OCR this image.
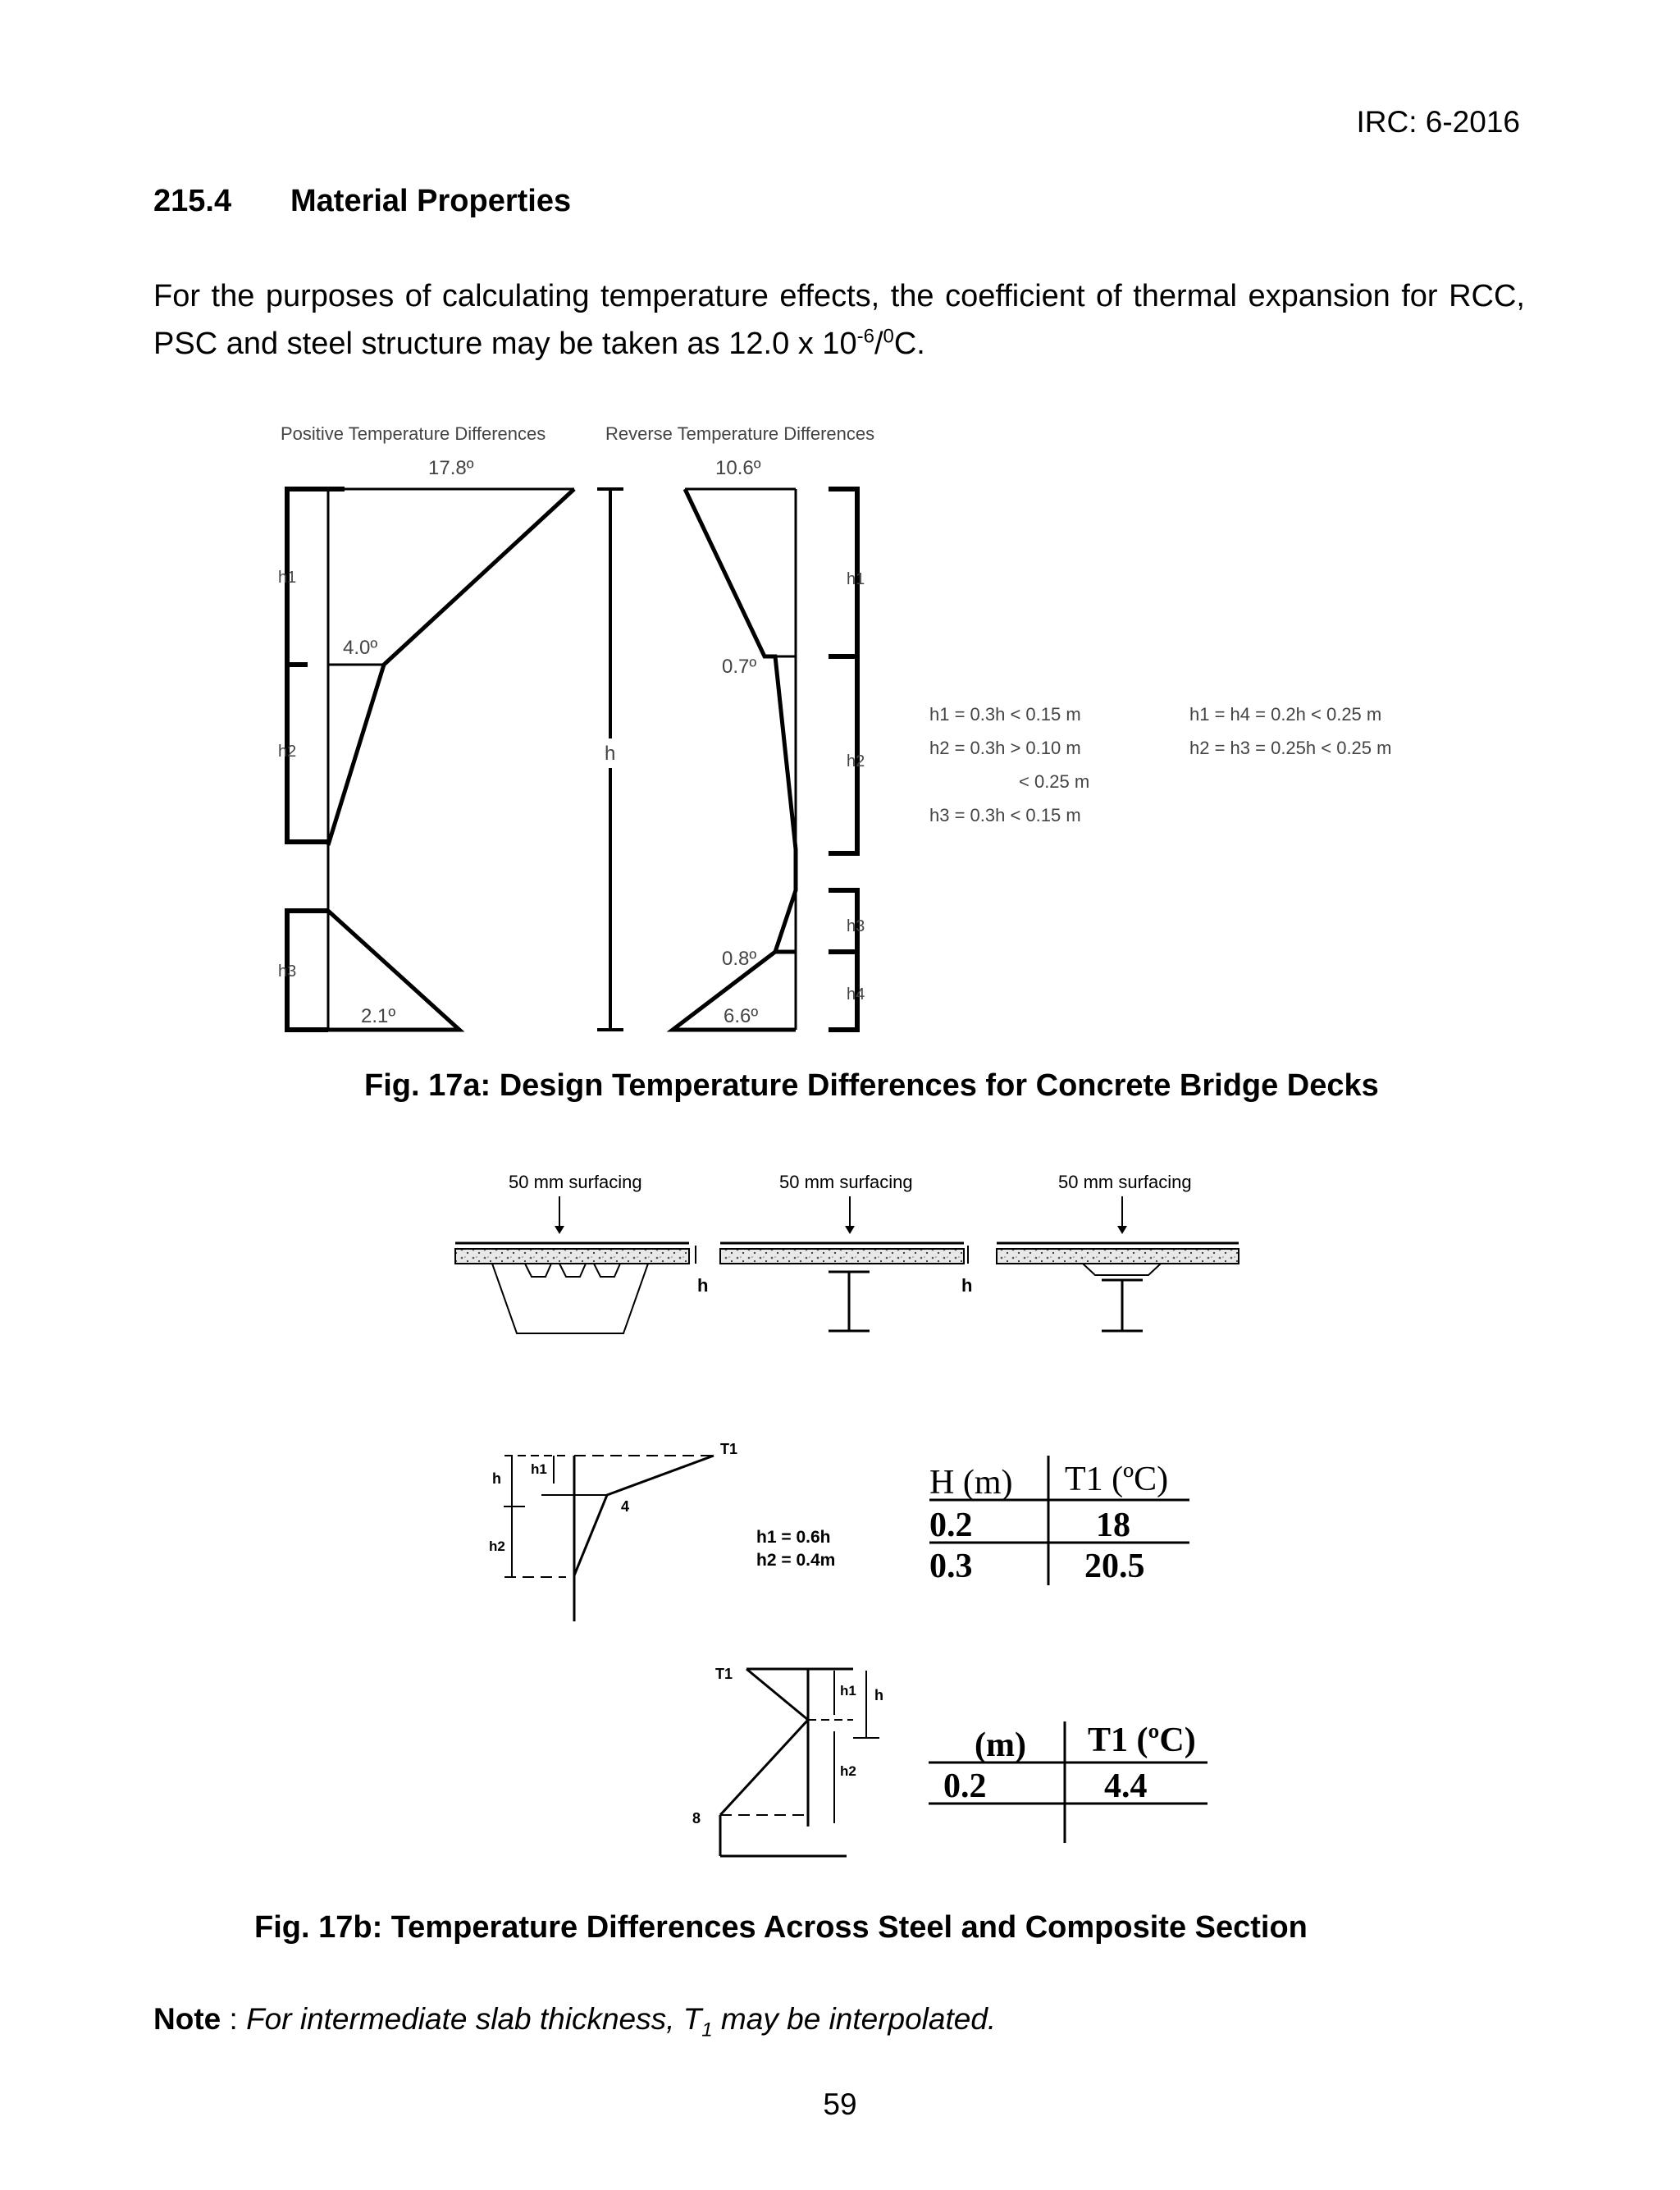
IRC: 6-2016
215.4 Material Properties
For the purposes of calculating temperature effects, the coefficient of thermal expansion for RCC, PSC and steel structure may be taken as 12.0 x $10^{-6}/^0C$.
Positive Temperature Differences	Reverse Temperature Differences
17.8º
4.0º
2.1º
h1
h2
h3
h
10.6º
0.7º
0.8º
6.6º
h1
h2
h3
h4
h1 = 0.3h < 0.15 m
h2 = 0.3h > 0.10 m
< 0.25 m
h3 = 0.3h < 0.15 m
h1 = h4 = 0.2h < 0.25 m
h2 = h3 = 0.25h < 0.25 m
Fig. 17a: Design Temperature Differences for Concrete Bridge Decks
50 mm surfacing
h
50 mm surfacing
h
50 mm surfacing
T1
4
h
h1
h2	h1 = 0.6h
h2 = 0.4m
H (m) T1 (ºC)
0.2	18
0.3	20.5
T1
8
h
h1
h2
(m) T1 (ºC)
0.2	4.4
Fig. 17b: Temperature Differences Across Steel and Composite Section
Note : For intermediate slab thickness, $T_1$ may be interpolated.
59
